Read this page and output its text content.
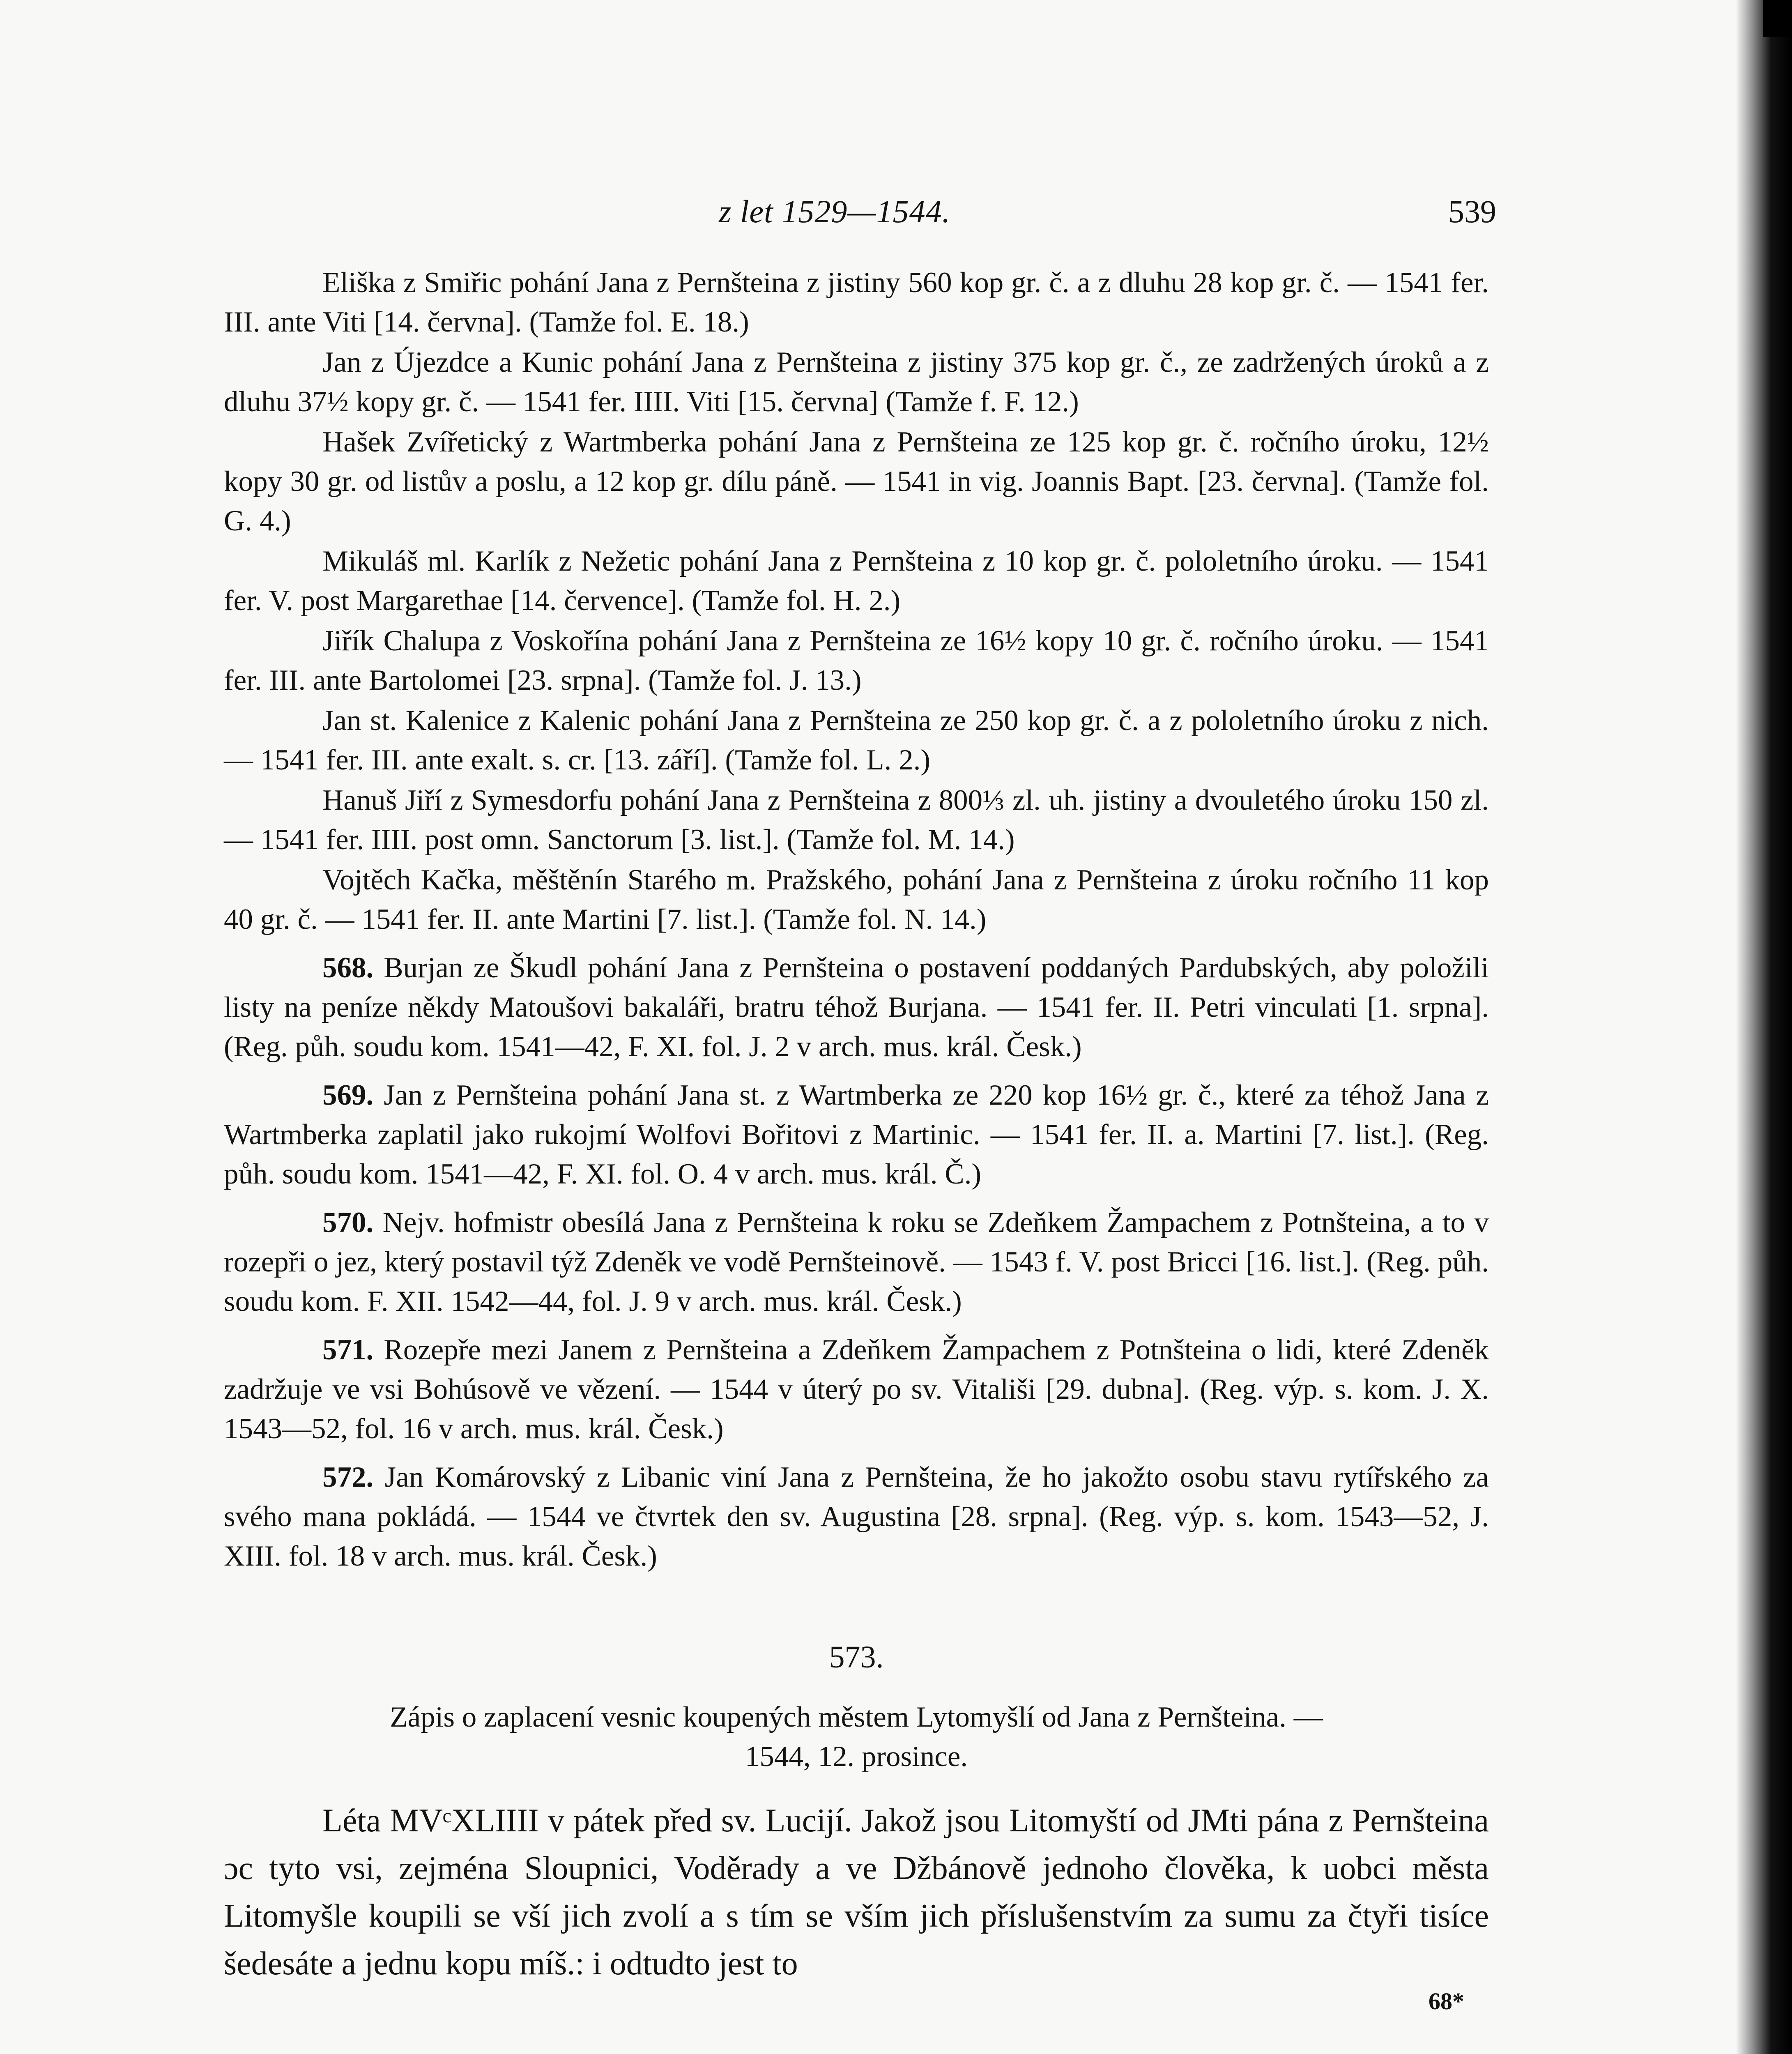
z let 1529—1544.	539

Eliška z Smiřic pohání Jana z Pernšteina z jistiny 560 kop gr. č. a z dluhu 28 kop gr. č. — 1541 fer. III. ante Viti [14. června]. (Tamže fol. E. 18.)

Jan z Újezdce a Kunic pohání Jana z Pernšteina z jistiny 375 kop gr. č., ze zadržených úroků a z dluhu 37½ kopy gr. č. — 1541 fer. IIII. Viti [15. června] (Tamže f. F. 12.)

Hašek Zvířetický z Wartmberka pohání Jana z Pernšteina ze 125 kop gr. č. ročního úroku, 12½ kopy 30 gr. od listův a poslu, a 12 kop gr. dílu páně. — 1541 in vig. Joannis Bapt. [23. června]. (Tamže fol. G. 4.)

Mikuláš ml. Karlík z Nežetic pohání Jana z Pernšteina z 10 kop gr. č. pololetního úroku. — 1541 fer. V. post Margarethae [14. července]. (Tamže fol. H. 2.)

Jiřík Chalupa z Voskořína pohání Jana z Pernšteina ze 16½ kopy 10 gr. č. ročního úroku. — 1541 fer. III. ante Bartolomei [23. srpna]. (Tamže fol. J. 13.)

Jan st. Kalenice z Kalenic pohání Jana z Pernšteina ze 250 kop gr. č. a z pololetního úroku z nich. — 1541 fer. III. ante exalt. s. cr. [13. září]. (Tamže fol. L. 2.)

Hanuš Jiří z Symesdorfu pohání Jana z Pernšteina z 800⅓ zl. uh. jistiny a dvouletého úroku 150 zl. — 1541 fer. IIII. post omn. Sanctorum [3. list.]. (Tamže fol. M. 14.)

Vojtěch Kačka, měštěnín Starého m. Pražského, pohání Jana z Pernšteina z úroku ročního 11 kop 40 gr. č. — 1541 fer. II. ante Martini [7. list.]. (Tamže fol. N. 14.)

568. Burjan ze Škudl pohání Jana z Pernšteina o postavení poddaných Pardubských, aby položili listy na peníze někdy Matoušovi bakaláři, bratru téhož Burjana. — 1541 fer. II. Petri vinculati [1. srpna]. (Reg. půh. soudu kom. 1541—42, F. XI. fol. J. 2 v arch. mus. král. Česk.)

569. Jan z Pernšteina pohání Jana st. z Wartmberka ze 220 kop 16½ gr. č., které za téhož Jana z Wartmberka zaplatil jako rukojmí Wolfovi Bořitovi z Martinic. — 1541 fer. II. a. Martini [7. list.]. (Reg. půh. soudu kom. 1541—42, F. XI. fol. O. 4 v arch. mus. král. Č.)

570. Nejv. hofmistr obesílá Jana z Pernšteina k roku se Zdeňkem Žampachem z Potnšteina, a to v rozepři o jez, který postavil týž Zdeněk ve vodě Pernšteinově. — 1543 f. V. post Bricci [16. list.]. (Reg. půh. soudu kom. F. XII. 1542—44, fol. J. 9 v arch. mus. král. Česk.)

571. Rozepře mezi Janem z Pernšteina a Zdeňkem Žampachem z Potnšteina o lidi, které Zdeněk zadržuje ve vsi Bohúsově ve vězení. — 1544 v úterý po sv. Vitališi [29. dubna]. (Reg. výp. s. kom. J. X. 1543—52, fol. 16 v arch. mus. král. Česk.)

572. Jan Komárovský z Libanic viní Jana z Pernšteina, že ho jakožto osobu stavu rytířského za svého mana pokládá. — 1544 ve čtvrtek den sv. Augustina [28. srpna]. (Reg. výp. s. kom. 1543—52, J. XIII. fol. 18 v arch. mus. král. Česk.)

573.
Zápis o zaplacení vesnic koupených městem Lytomyšlí od Jana z Pernšteina. —
1544, 12. prosince.

Léta MVᶜXLIIII v pátek před sv. Lucijí. Jakož jsou Litomyští od JMti pána z Pernšteina ɔc tyto vsi, zejména Sloupnici, Voděrady a ve Džbánově jednoho člověka, k uobci města Litomyšle koupili se vší jich zvolí a s tím se vším jich příslušenstvím za sumu za čtyři tisíce šedesáte a jednu kopu míš.: i odtudto jest to

68*
